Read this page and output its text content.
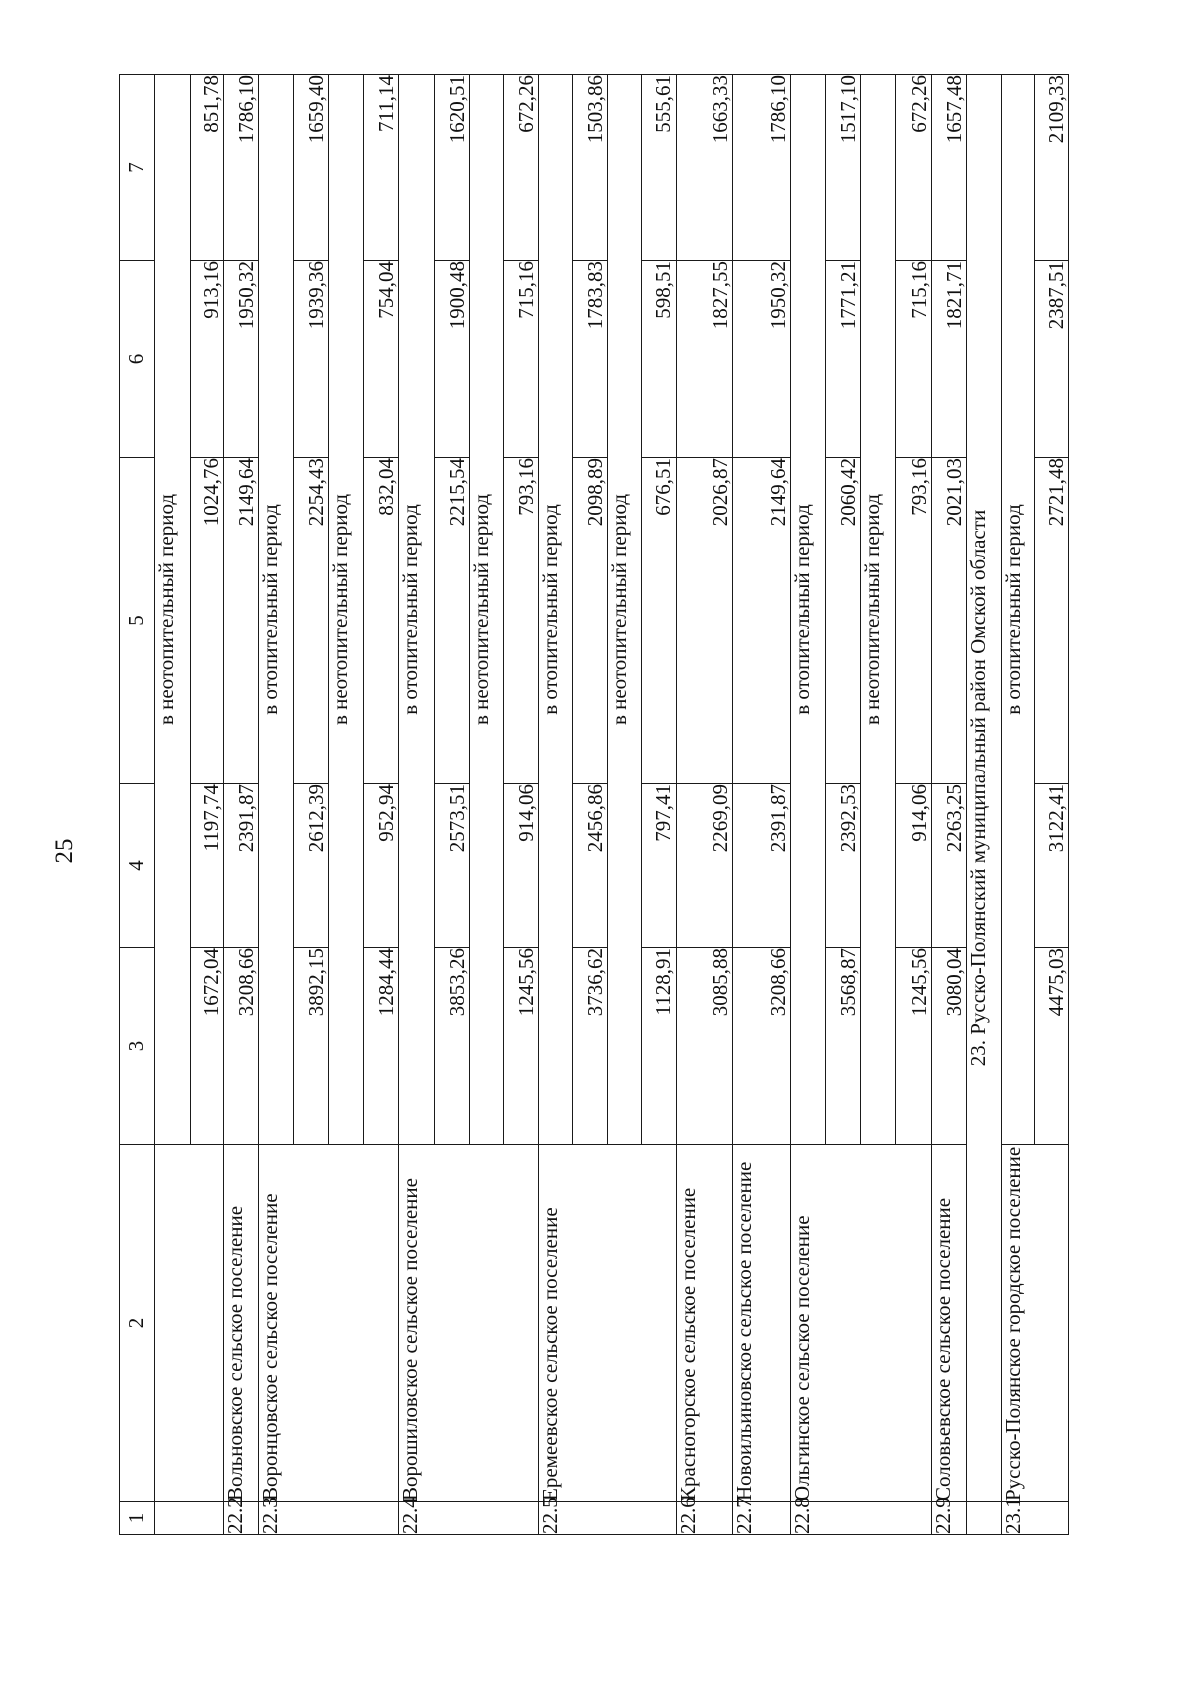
25
1	2	3	4	5	6	7
		в неотопительный период				
		1672,04	1197,74	1024,76	913,16	851,78
22.2	Вольновское сельское поселение	3208,66	2391,87	2149,64	1950,32	1786,10
22.3	Воронцовское сельское поселение	в отопительный период				
		3892,15	2612,39	2254,43	1939,36	1659,40
		в неотопительный период				
		1284,44	952,94	832,04	754,04	711,14
22.4	Ворошиловское сельское поселение	в отопительный период				
		3853,26	2573,51	2215,54	1900,48	1620,51
		в неотопительный период				
		1245,56	914,06	793,16	715,16	672,26
22.5	Еремеевское сельское поселение	в отопительный период				
		3736,62	2456,86	2098,89	1783,83	1503,86
		в неотопительный период				
		1128,91	797,41	676,51	598,51	555,61
22.6	Красногорское сельское поселение	3085,88	2269,09	2026,87	1827,55	1663,33
22.7	Новоильиновское сельское поселение	3208,66	2391,87	2149,64	1950,32	1786,10
22.8	Ольгинское сельское поселение	в отопительный период				
		3568,87	2392,53	2060,42	1771,21	1517,10
		в неотопительный период				
		1245,56	914,06	793,16	715,16	672,26
22.9	Соловьевское сельское поселение	3080,04	2263,25	2021,03	1821,71	1657,48
	23. Русско-Полянский муниципальный район Омской области					
23.1	Русско-Полянское городское поселение	в отопительный период				
		4475,03	3122,41	2721,48	2387,51	2109,33
